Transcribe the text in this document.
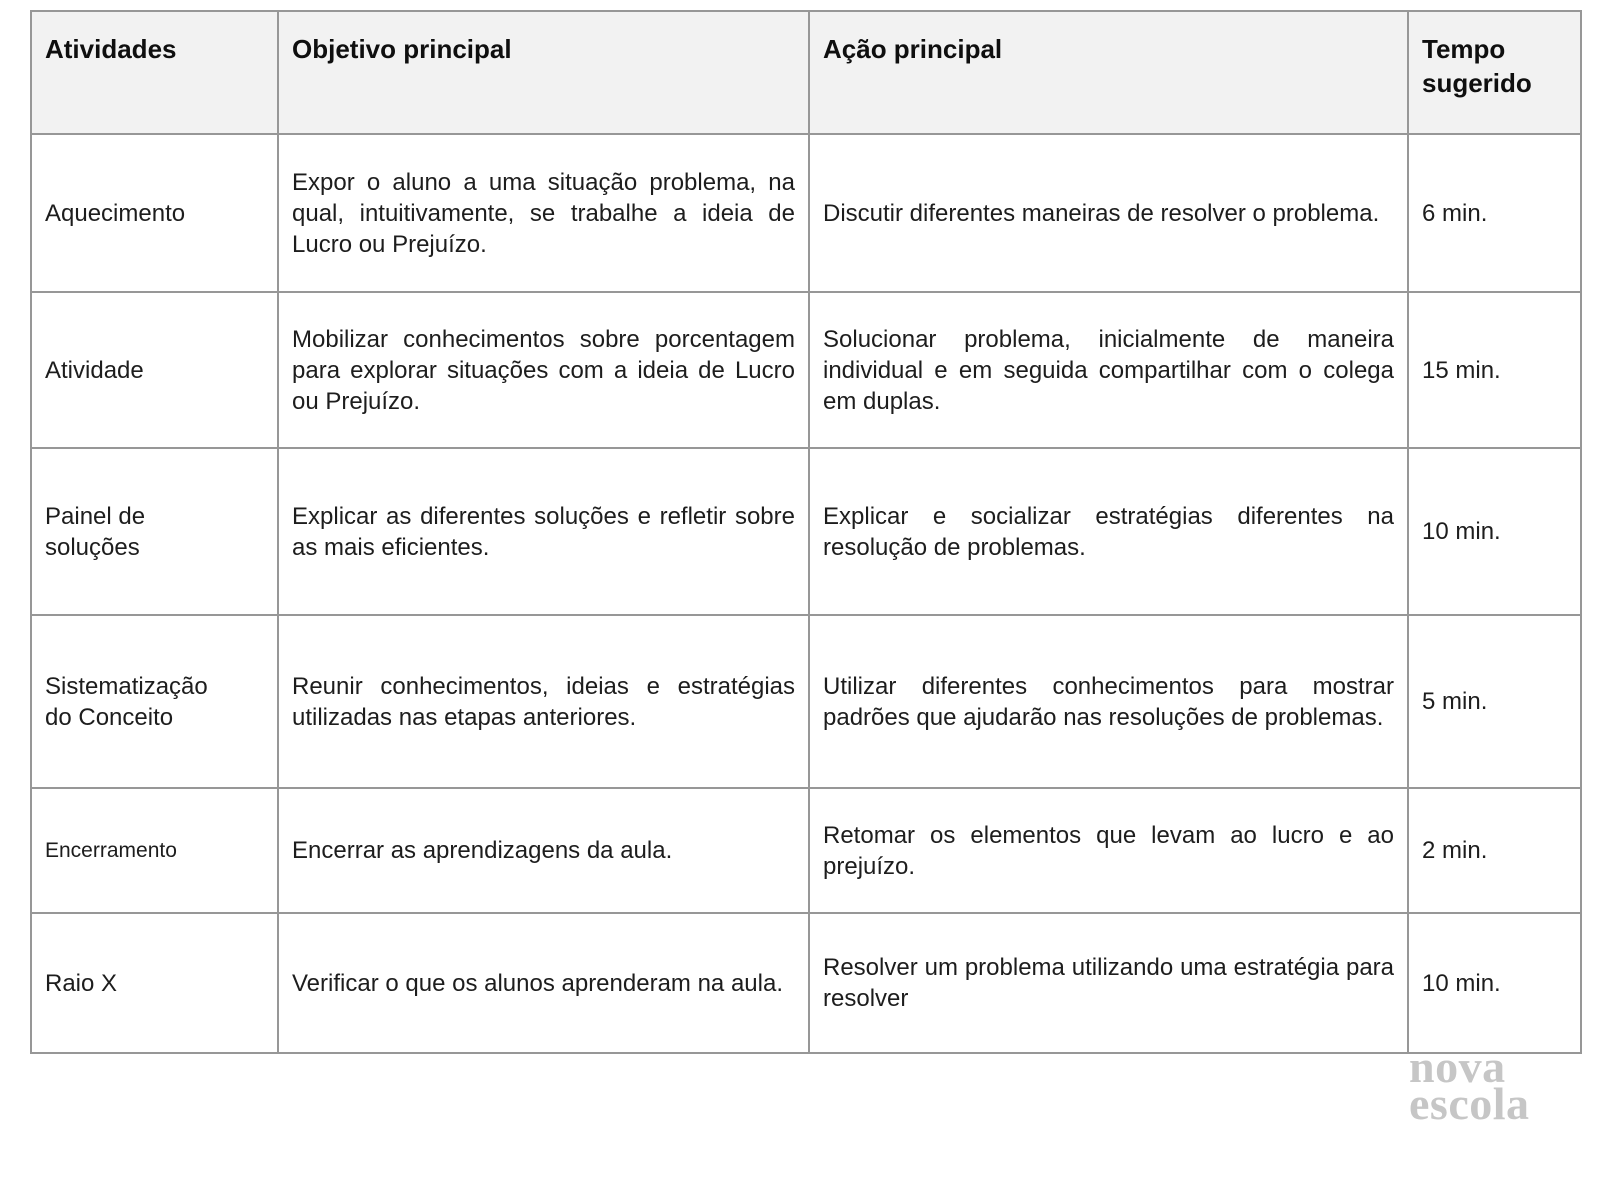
Atividades	Objetivo principal	Ação principal	Tempo sugerido
Aquecimento	Expor o aluno a uma situação problema, na qual, intuitivamente, se trabalhe a ideia de Lucro ou Prejuízo.	Discutir diferentes maneiras de resolver o problema.	6 min.
Atividade	Mobilizar conhecimentos sobre porcentagem para explorar situações com a ideia de Lucro ou Prejuízo.	Solucionar problema, inicialmente de maneira individual e em seguida compartilhar com o colega em duplas.	15 min.
Painel de soluções	Explicar as diferentes soluções e refletir sobre as mais eficientes.	Explicar e socializar estratégias diferentes na resolução de problemas.	10 min.
Sistematização do Conceito	Reunir conhecimentos, ideias e estratégias utilizadas nas etapas anteriores.	Utilizar diferentes conhecimentos para mostrar padrões que ajudarão nas resoluções de problemas.	5 min.
Encerramento	Encerrar as aprendizagens da aula.	Retomar os elementos que levam ao lucro e ao prejuízo.	2 min.
Raio X	Verificar o que os alunos aprenderam na aula.	Resolver um problema utilizando uma estratégia para resolver	10 min.
nova
escola
